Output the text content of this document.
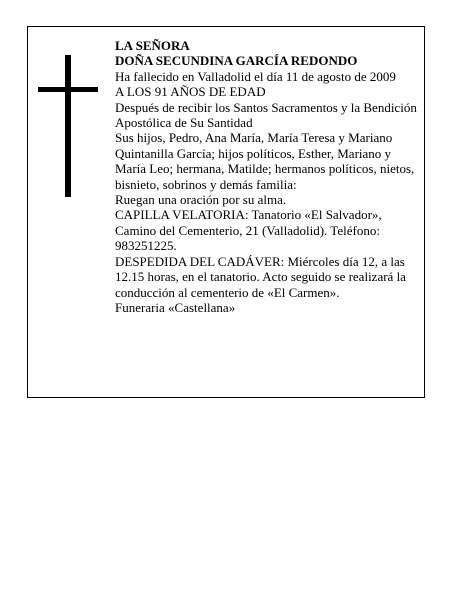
LA SEÑORA

DOÑA SECUNDINA GARCÍA REDONDO

Ha fallecido en Valladolid el día 11 de agosto de 2009

A LOS 91 AÑOS DE EDAD

Después de recibir los Santos Sacramentos y la Bendición Apostólica de Su Santidad

Sus hijos, Pedro, Ana María, María Teresa y Mariano Quintanilla García; hijos políticos, Esther, Mariano y María Leo; hermana, Matilde; hermanos políticos, nietos, bisnieto, sobrinos y demás familia:

Ruegan una oración por su alma.

CAPILLA VELATORIA: Tanatorio «El Salvador», Camino del Cementerio, 21 (Valladolid). Teléfono: 983251225.

DESPEDIDA DEL CADÁVER: Miércoles día 12, a las 12.15 horas, en el tanatorio. Acto seguido se realizará la conducción al cementerio de «El Carmen».

Funeraria «Castellana»
